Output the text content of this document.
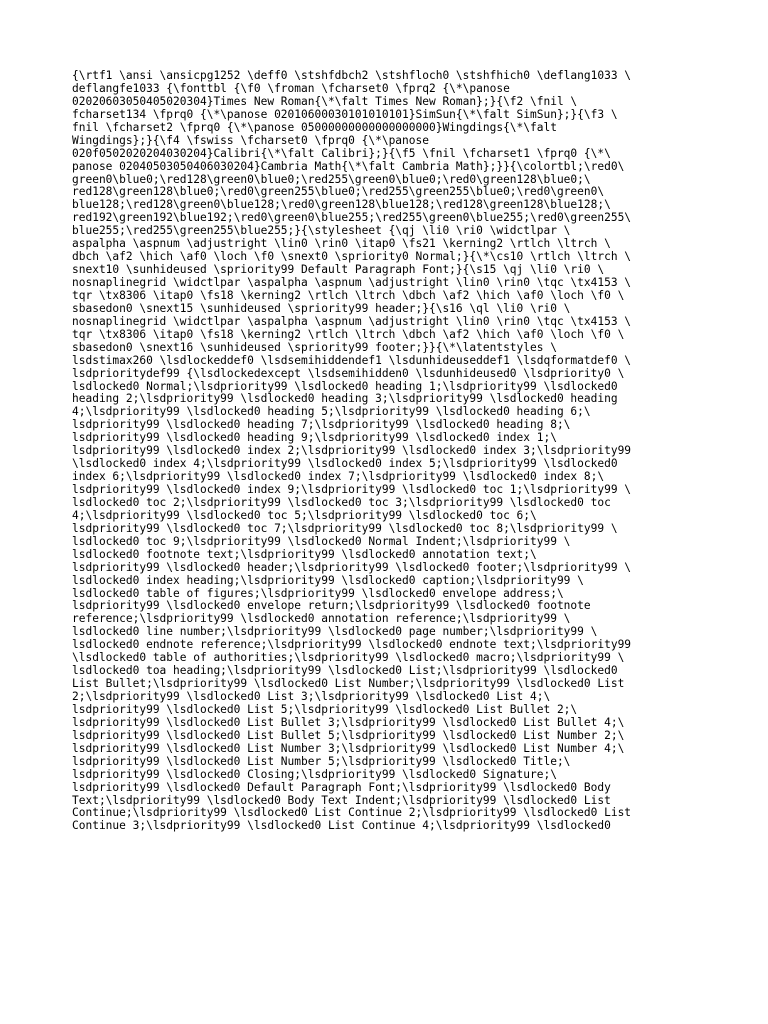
{\rtf1 \ansi \ansicpg1252 \deff0 \stshfdbch2 \stshfloch0 \stshfhich0 \deflang1033 \
deflangfe1033 {\fonttbl {\f0 \froman \fcharset0 \fprq2 {\*\panose
02020603050405020304}Times New Roman{\*\falt Times New Roman};}{\f2 \fnil \
fcharset134 \fprq0 {\*\panose 02010600030101010101}SimSun{\*\falt SimSun};}{\f3 \
fnil \fcharset2 \fprq0 {\*\panose 05000000000000000000}Wingdings{\*\falt
Wingdings};}{\f4 \fswiss \fcharset0 \fprq0 {\*\panose
020f0502020204030204}Calibri{\*\falt Calibri};}{\f5 \fnil \fcharset1 \fprq0 {\*\
panose 02040503050406030204}Cambria Math{\*\falt Cambria Math};}}{\colortbl;\red0\
green0\blue0;\red128\green0\blue0;\red255\green0\blue0;\red0\green128\blue0;\
red128\green128\blue0;\red0\green255\blue0;\red255\green255\blue0;\red0\green0\
blue128;\red128\green0\blue128;\red0\green128\blue128;\red128\green128\blue128;\
red192\green192\blue192;\red0\green0\blue255;\red255\green0\blue255;\red0\green255\
blue255;\red255\green255\blue255;}{\stylesheet {\qj \li0 \ri0 \widctlpar \
aspalpha \aspnum \adjustright \lin0 \rin0 \itap0 \fs21 \kerning2 \rtlch \ltrch \
dbch \af2 \hich \af0 \loch \f0 \snext0 \spriority0 Normal;}{\*\cs10 \rtlch \ltrch \
snext10 \sunhideused \spriority99 Default Paragraph Font;}{\s15 \qj \li0 \ri0 \
nosnaplinegrid \widctlpar \aspalpha \aspnum \adjustright \lin0 \rin0 \tqc \tx4153 \
tqr \tx8306 \itap0 \fs18 \kerning2 \rtlch \ltrch \dbch \af2 \hich \af0 \loch \f0 \
sbasedon0 \snext15 \sunhideused \spriority99 header;}{\s16 \ql \li0 \ri0 \
nosnaplinegrid \widctlpar \aspalpha \aspnum \adjustright \lin0 \rin0 \tqc \tx4153 \
tqr \tx8306 \itap0 \fs18 \kerning2 \rtlch \ltrch \dbch \af2 \hich \af0 \loch \f0 \
sbasedon0 \snext16 \sunhideused \spriority99 footer;}}{\*\latentstyles \
lsdstimax260 \lsdlockeddef0 \lsdsemihiddendef1 \lsdunhideuseddef1 \lsdqformatdef0 \
lsdprioritydef99 {\lsdlockedexcept \lsdsemihidden0 \lsdunhideused0 \lsdpriority0 \
lsdlocked0 Normal;\lsdpriority99 \lsdlocked0 heading 1;\lsdpriority99 \lsdlocked0
heading 2;\lsdpriority99 \lsdlocked0 heading 3;\lsdpriority99 \lsdlocked0 heading
4;\lsdpriority99 \lsdlocked0 heading 5;\lsdpriority99 \lsdlocked0 heading 6;\
lsdpriority99 \lsdlocked0 heading 7;\lsdpriority99 \lsdlocked0 heading 8;\
lsdpriority99 \lsdlocked0 heading 9;\lsdpriority99 \lsdlocked0 index 1;\
lsdpriority99 \lsdlocked0 index 2;\lsdpriority99 \lsdlocked0 index 3;\lsdpriority99
\lsdlocked0 index 4;\lsdpriority99 \lsdlocked0 index 5;\lsdpriority99 \lsdlocked0
index 6;\lsdpriority99 \lsdlocked0 index 7;\lsdpriority99 \lsdlocked0 index 8;\
lsdpriority99 \lsdlocked0 index 9;\lsdpriority99 \lsdlocked0 toc 1;\lsdpriority99 \
lsdlocked0 toc 2;\lsdpriority99 \lsdlocked0 toc 3;\lsdpriority99 \lsdlocked0 toc
4;\lsdpriority99 \lsdlocked0 toc 5;\lsdpriority99 \lsdlocked0 toc 6;\
lsdpriority99 \lsdlocked0 toc 7;\lsdpriority99 \lsdlocked0 toc 8;\lsdpriority99 \
lsdlocked0 toc 9;\lsdpriority99 \lsdlocked0 Normal Indent;\lsdpriority99 \
lsdlocked0 footnote text;\lsdpriority99 \lsdlocked0 annotation text;\
lsdpriority99 \lsdlocked0 header;\lsdpriority99 \lsdlocked0 footer;\lsdpriority99 \
lsdlocked0 index heading;\lsdpriority99 \lsdlocked0 caption;\lsdpriority99 \
lsdlocked0 table of figures;\lsdpriority99 \lsdlocked0 envelope address;\
lsdpriority99 \lsdlocked0 envelope return;\lsdpriority99 \lsdlocked0 footnote
reference;\lsdpriority99 \lsdlocked0 annotation reference;\lsdpriority99 \
lsdlocked0 line number;\lsdpriority99 \lsdlocked0 page number;\lsdpriority99 \
lsdlocked0 endnote reference;\lsdpriority99 \lsdlocked0 endnote text;\lsdpriority99
\lsdlocked0 table of authorities;\lsdpriority99 \lsdlocked0 macro;\lsdpriority99 \
lsdlocked0 toa heading;\lsdpriority99 \lsdlocked0 List;\lsdpriority99 \lsdlocked0
List Bullet;\lsdpriority99 \lsdlocked0 List Number;\lsdpriority99 \lsdlocked0 List
2;\lsdpriority99 \lsdlocked0 List 3;\lsdpriority99 \lsdlocked0 List 4;\
lsdpriority99 \lsdlocked0 List 5;\lsdpriority99 \lsdlocked0 List Bullet 2;\
lsdpriority99 \lsdlocked0 List Bullet 3;\lsdpriority99 \lsdlocked0 List Bullet 4;\
lsdpriority99 \lsdlocked0 List Bullet 5;\lsdpriority99 \lsdlocked0 List Number 2;\
lsdpriority99 \lsdlocked0 List Number 3;\lsdpriority99 \lsdlocked0 List Number 4;\
lsdpriority99 \lsdlocked0 List Number 5;\lsdpriority99 \lsdlocked0 Title;\
lsdpriority99 \lsdlocked0 Closing;\lsdpriority99 \lsdlocked0 Signature;\
lsdpriority99 \lsdlocked0 Default Paragraph Font;\lsdpriority99 \lsdlocked0 Body
Text;\lsdpriority99 \lsdlocked0 Body Text Indent;\lsdpriority99 \lsdlocked0 List
Continue;\lsdpriority99 \lsdlocked0 List Continue 2;\lsdpriority99 \lsdlocked0 List
Continue 3;\lsdpriority99 \lsdlocked0 List Continue 4;\lsdpriority99 \lsdlocked0
